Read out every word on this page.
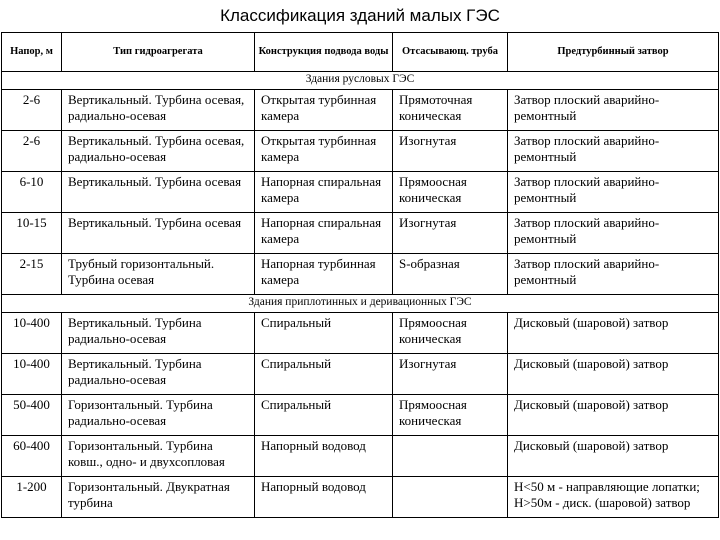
Классификация зданий малых ГЭС
Напор, м	Тип гидроагрегата	Конструкция подвода воды	Отсасывающ. труба	Предтурбинный затвор
Здания русловых ГЭС				
2-6	Вертикальный. Турбина осевая, радиально-осевая	Открытая турбинная камера	Прямоточная коническая	Затвор плоский аварийно-ремонтный
2-6	Вертикальный. Турбина осевая, радиально-осевая	Открытая турбинная камера	Изогнутая	Затвор плоский аварийно-ремонтный
6-10	Вертикальный. Турбина осевая	Напорная спиральная камера	Прямоосная коническая	Затвор плоский аварийно-ремонтный
10-15	Вертикальный. Турбина осевая	Напорная спиральная камера	Изогнутая	Затвор плоский аварийно-ремонтный
2-15	Трубный горизонтальный. Турбина осевая	Напорная турбинная камера	S-образная	Затвор плоский аварийно-ремонтный
Здания приплотинных и деривационных ГЭС				
10-400	Вертикальный. Турбина радиально-осевая	Спиральный	Прямоосная коническая	Дисковый (шаровой) затвор
10-400	Вертикальный. Турбина радиально-осевая	Спиральный	Изогнутая	Дисковый (шаровой) затвор
50-400	Горизонтальный. Турбина радиально-осевая	Спиральный	Прямоосная коническая	Дисковый (шаровой) затвор
60-400	Горизонтальный. Турбина ковш., одно- и двухсопловая	Напорный водовод		Дисковый (шаровой) затвор
1-200	Горизонтальный. Двукратная турбина	Напорный водовод		Н<50 м - направляющие лопатки; Н>50м - диск. (шаровой) затвор
